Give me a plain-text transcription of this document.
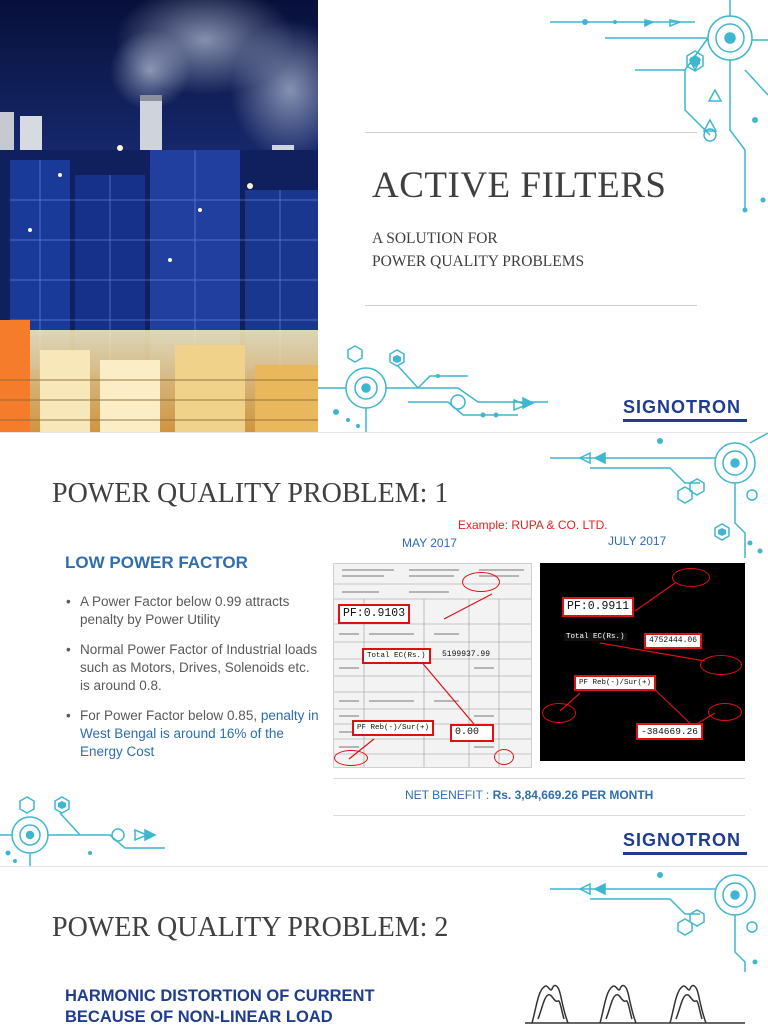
ACTIVE FILTERS
A SOLUTION FOR
POWER QUALITY PROBLEMS
SIGNOTRON
POWER QUALITY PROBLEM: 1
Example: RUPA & CO. LTD.
MAY 2017	JULY 2017
LOW POWER FACTOR
• A Power Factor below 0.99 attracts penalty by Power Utility
• Normal Power Factor of Industrial loads such as Motors, Drives, Solenoids etc. is around 0.8.
• For Power Factor below 0.85, penalty in West Bengal is around 16% of the Energy Cost
PF:0.9103
Total EC(Rs.)	5199937.99
PF Reb(-)/Sur(+)	0.00
PF:0.9911
Total EC(Rs.)	4752444.06
PF Reb(-)/Sur(+)
-384669.26
NET BENEFIT : Rs. 3,84,669.26 PER MONTH
SIGNOTRON
POWER QUALITY PROBLEM: 2
HARMONIC DISTORTION OF CURRENT
BECAUSE OF NON-LINEAR LOAD
